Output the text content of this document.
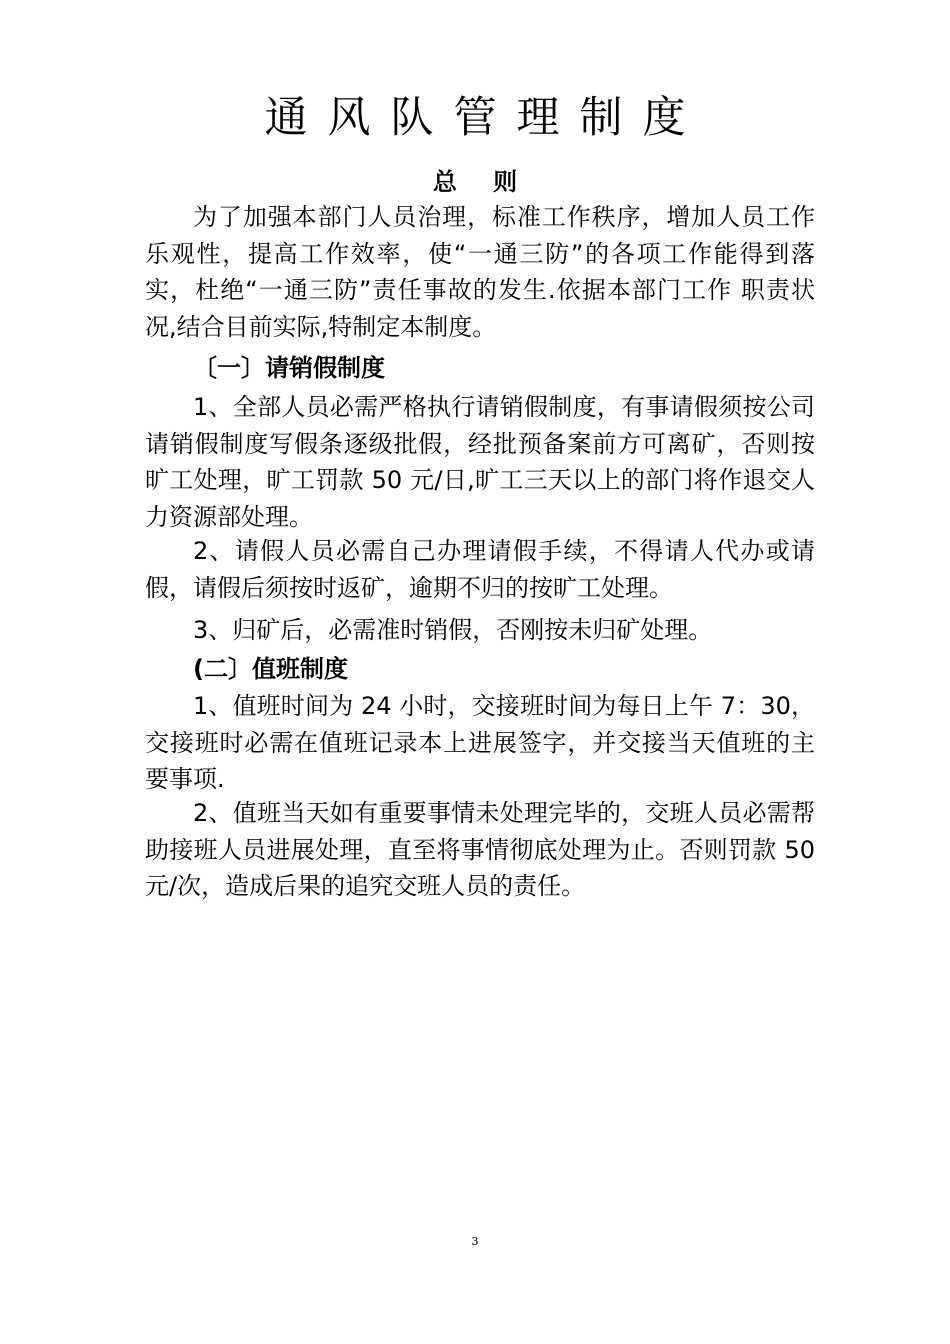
通风队管理制度
总 则

为了加强本部门人员治理，标准工作秩序，增加人员工作乐观性，提高工作效率，使“一通三防”的各项工作能得到落实，杜绝“一通三防”责任事故的发生.依据本部门工作 职责状况,结合目前实际,特制定本制度。

〔一〕请销假制度

1、全部人员必需严格执行请销假制度，有事请假须按公司请销假制度写假条逐级批假，经批预备案前方可离矿，否则按旷工处理，旷工罚款 50 元/日,旷工三天以上的部门将作退交人力资源部处理。

2、请假人员必需自己办理请假手续，不得请人代办或请假，请假后须按时返矿，逾期不归的按旷工处理。

3、归矿后，必需准时销假，否刚按未归矿处理。

(二〕值班制度

1、值班时间为 24 小时，交接班时间为每日上午 7：30， 交接班时必需在值班记录本上进展签字，并交接当天值班的主要事项.

2、值班当天如有重要事情未处理完毕的，交班人员必需帮助接班人员进展处理，直至将事情彻底处理为止。否则罚款 50 元/次，造成后果的追究交班人员的责任。

3
